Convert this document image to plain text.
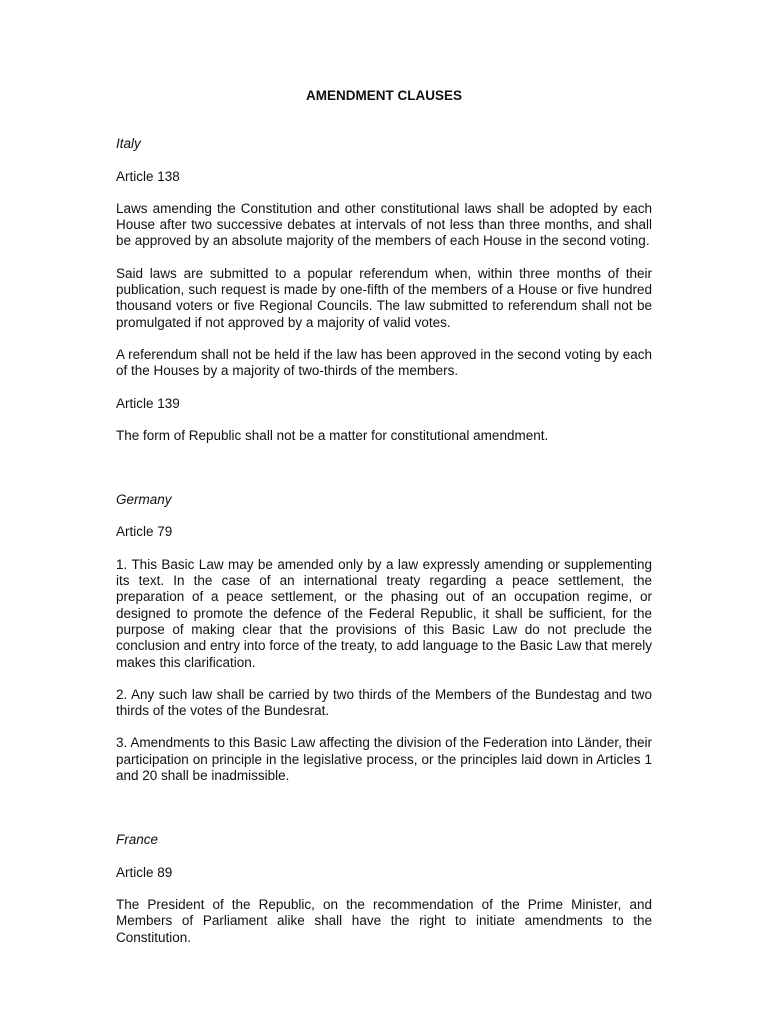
AMENDMENT CLAUSES

Italy

Article 138

Laws amending the Constitution and other constitutional laws shall be adopted by each House after two successive debates at intervals of not less than three months, and shall be approved by an absolute majority of the members of each House in the second voting.

Said laws are submitted to a popular referendum when, within three months of their publication, such request is made by one-fifth of the members of a House or five hundred thousand voters or five Regional Councils. The law submitted to referendum shall not be promulgated if not approved by a majority of valid votes.

A referendum shall not be held if the law has been approved in the second voting by each of the Houses by a majority of two-thirds of the members.

Article 139

The form of Republic shall not be a matter for constitutional amendment.

Germany

Article 79

1. This Basic Law may be amended only by a law expressly amending or supplementing its text. In the case of an international treaty regarding a peace settlement, the preparation of a peace settlement, or the phasing out of an occupation regime, or designed to promote the defence of the Federal Republic, it shall be sufficient, for the purpose of making clear that the provisions of this Basic Law do not preclude the conclusion and entry into force of the treaty, to add language to the Basic Law that merely makes this clarification.

2. Any such law shall be carried by two thirds of the Members of the Bundestag and two thirds of the votes of the Bundesrat.

3. Amendments to this Basic Law affecting the division of the Federation into Länder, their participation on principle in the legislative process, or the principles laid down in Articles 1 and 20 shall be inadmissible.

France

Article 89

The President of the Republic, on the recommendation of the Prime Minister, and Members of Parliament alike shall have the right to initiate amendments to the Constitution.
